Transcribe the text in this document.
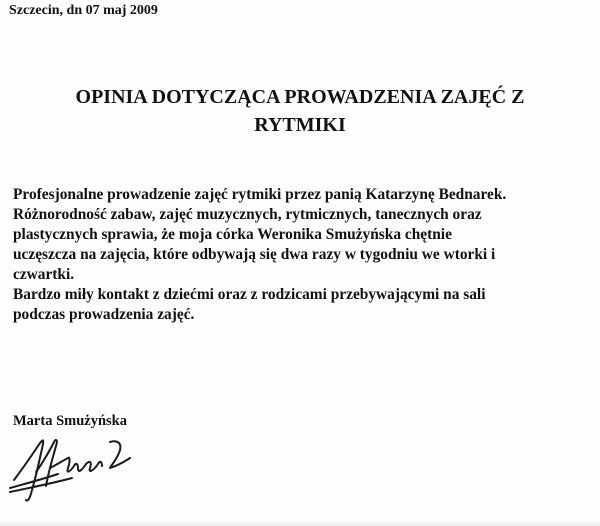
Szczecin, dn 07 maj 2009
OPINIA DOTYCZĄCA PROWADZENIA ZAJĘĆ Z
RYTMIKI
Profesjonalne prowadzenie zajęć rytmiki przez panią Katarzynę Bednarek.
Różnorodność zabaw, zajęć muzycznych, rytmicznych, tanecznych oraz
plastycznych sprawia, że moja córka Weronika Smużyńska chętnie
uczęszcza na zajęcia, które odbywają się dwa razy w tygodniu we wtorki i
czwartki.
Bardzo miły kontakt z dziećmi oraz z rodzicami przebywającymi na sali
podczas prowadzenia zajęć.
Marta Smużyńska
